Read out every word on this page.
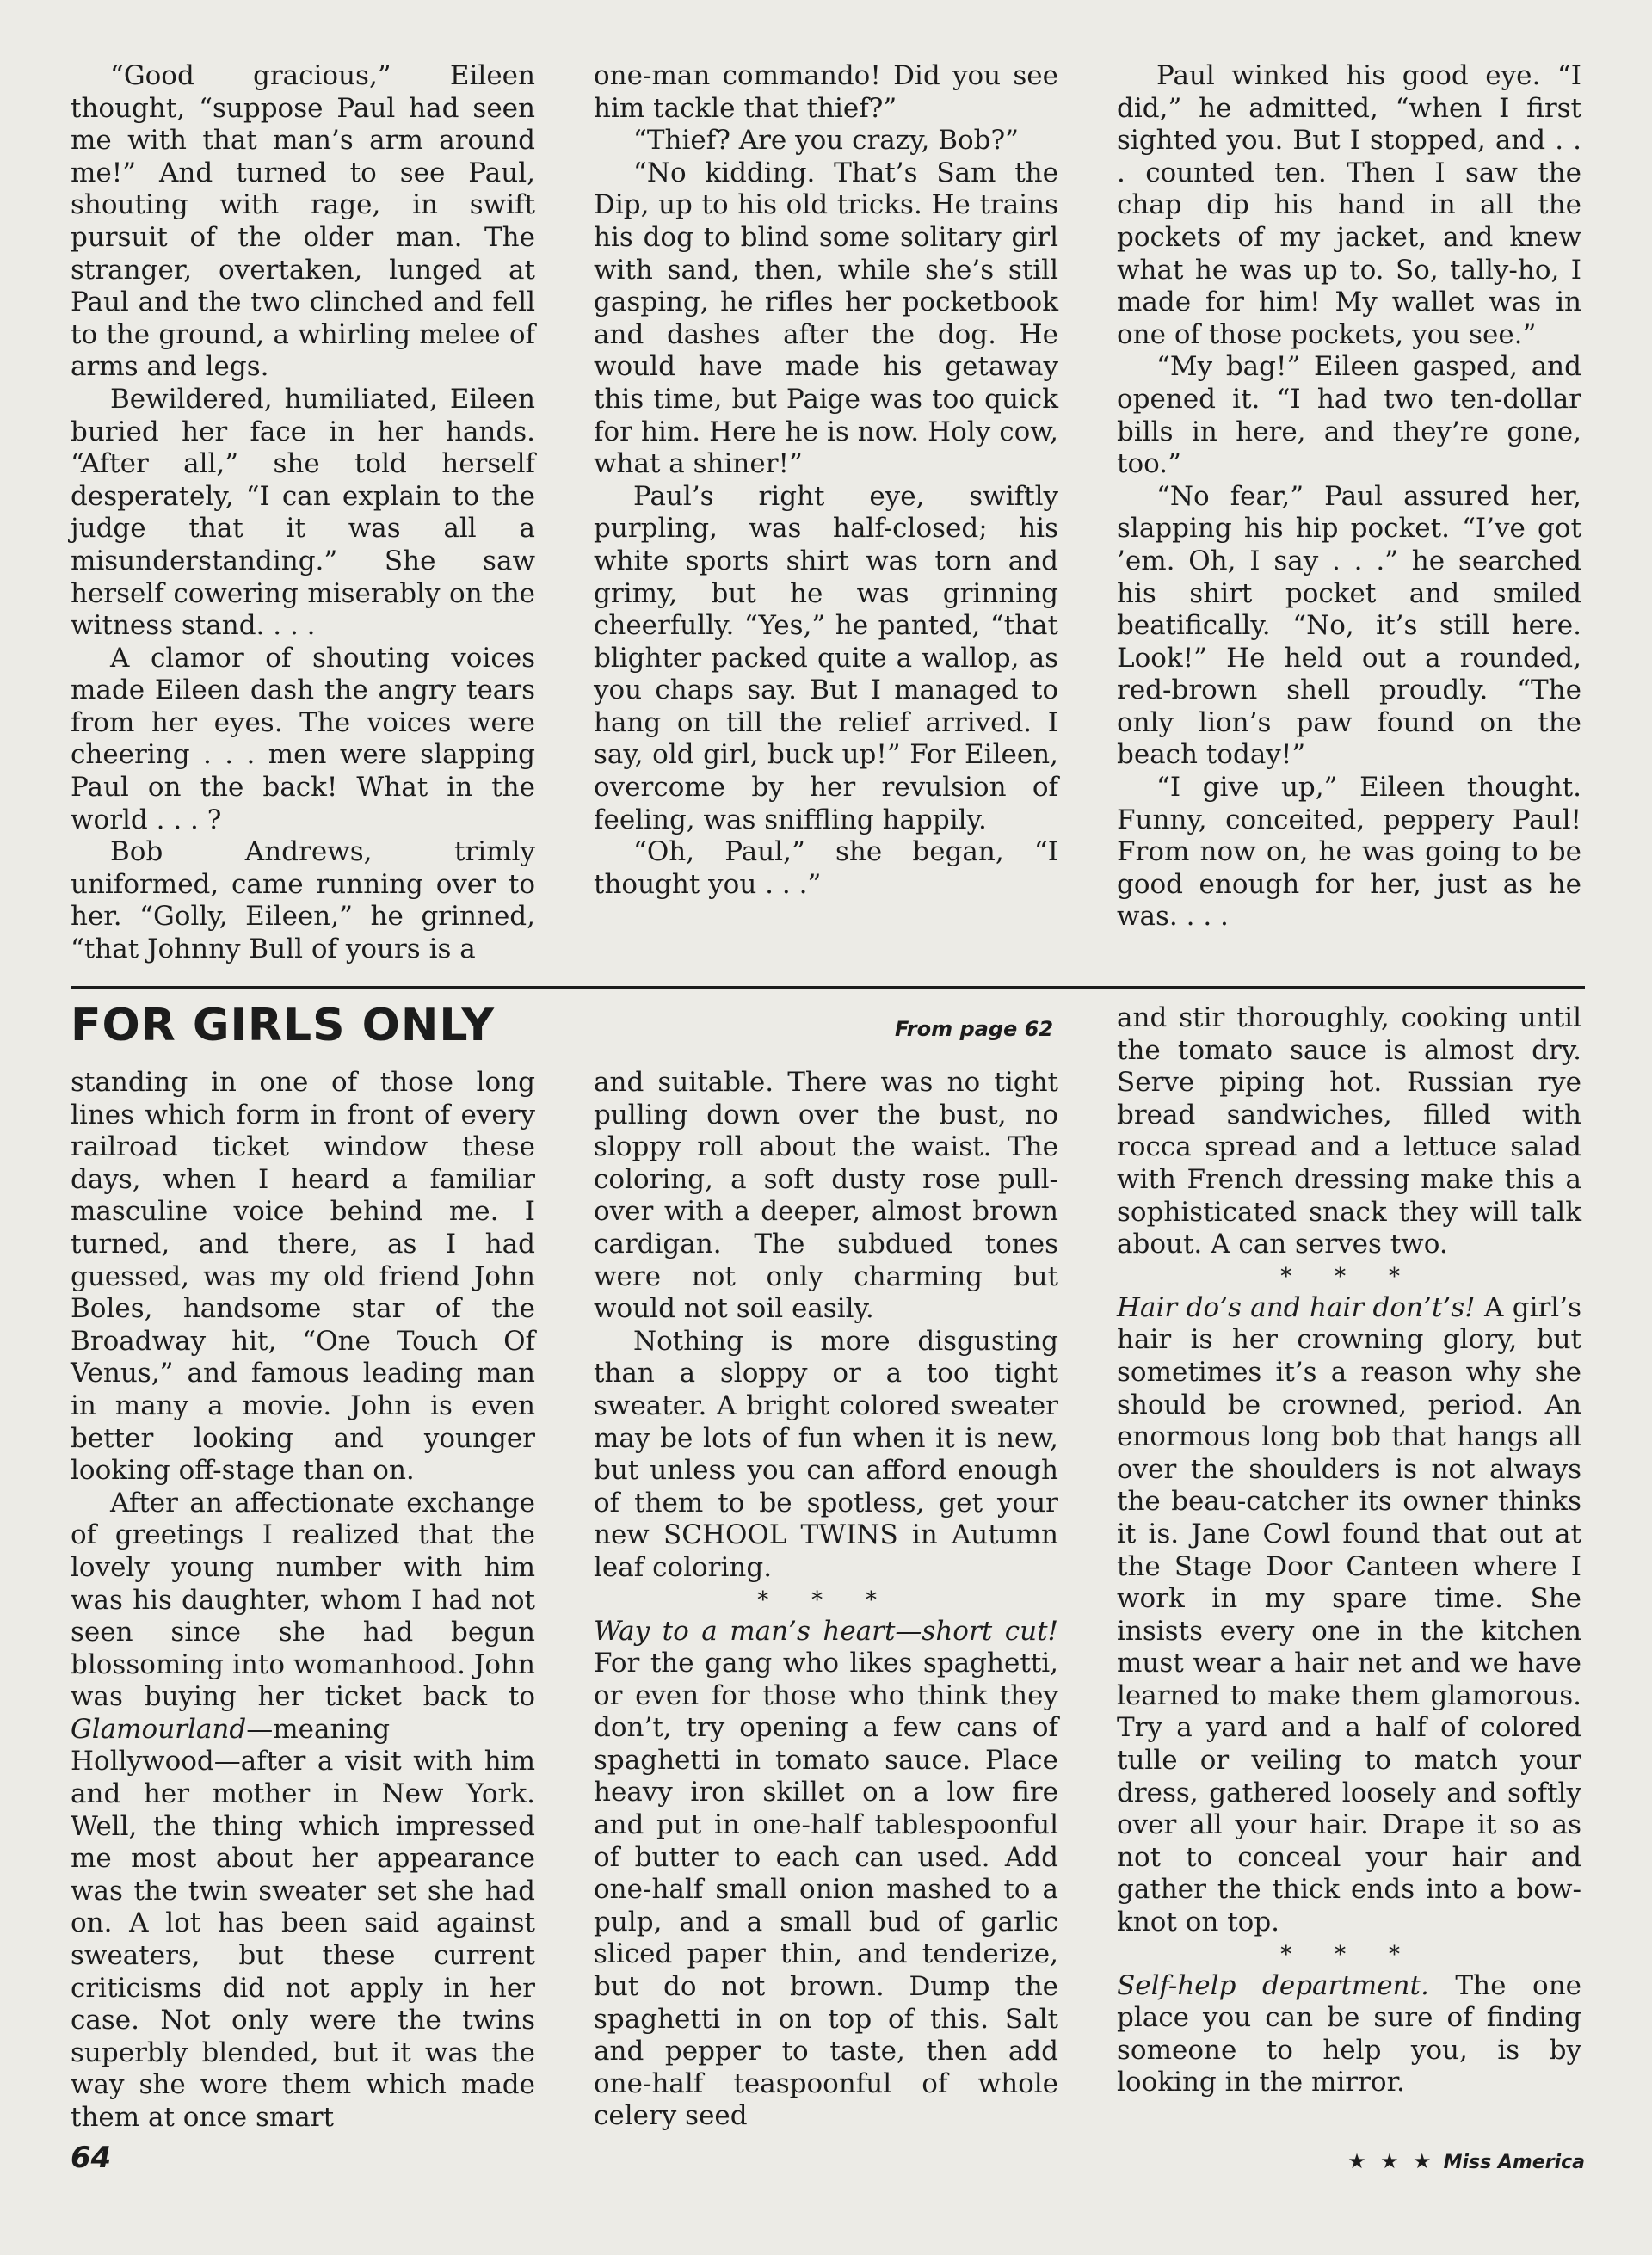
“Good gracious,” Eileen thought, “suppose Paul had seen me with that man’s arm around me!” And turned to see Paul, shouting with rage, in swift pursuit of the older man. The stranger, overtaken, lunged at Paul and the two clinched and fell to the ground, a whirling melee of arms and legs.

Bewildered, humiliated, Eileen buried her face in her hands. “After all,” she told herself desperately, “I can explain to the judge that it was all a misunderstanding.” She saw herself cowering miserably on the witness stand. . . .

A clamor of shouting voices made Eileen dash the angry tears from her eyes. The voices were cheering . . . men were slapping Paul on the back! What in the world . . . ?

Bob Andrews, trimly uniformed, came running over to her. “Golly, Eileen,” he grinned, “that Johnny Bull of yours is a

one-man commando! Did you see him tackle that thief?”

“Thief? Are you crazy, Bob?”

“No kidding. That’s Sam the Dip, up to his old tricks. He trains his dog to blind some solitary girl with sand, then, while she’s still gasping, he rifles her pocketbook and dashes after the dog. He would have made his getaway this time, but Paige was too quick for him. Here he is now. Holy cow, what a shiner!”

Paul’s right eye, swiftly purpling, was half-closed; his white sports shirt was torn and grimy, but he was grinning cheerfully. “Yes,” he panted, “that blighter packed quite a wallop, as you chaps say. But I managed to hang on till the relief arrived. I say, old girl, buck up!” For Eileen, overcome by her revulsion of feeling, was sniffling happily.

“Oh, Paul,” she began, “I thought you . . .”

Paul winked his good eye. “I did,” he admitted, “when I first sighted you. But I stopped, and . . . counted ten. Then I saw the chap dip his hand in all the pockets of my jacket, and knew what he was up to. So, tally-ho, I made for him! My wallet was in one of those pockets, you see.”

“My bag!” Eileen gasped, and opened it. “I had two ten-dollar bills in here, and they’re gone, too.”

“No fear,” Paul assured her, slapping his hip pocket. “I’ve got ’em. Oh, I say . . .” he searched his shirt pocket and smiled beatifically. “No, it’s still here. Look!” He held out a rounded, red-brown shell proudly. “The only lion’s paw found on the beach today!”

“I give up,” Eileen thought. Funny, conceited, peppery Paul! From now on, he was going to be good enough for her, just as he was. . . .

FOR GIRLS ONLY	From page 62

standing in one of those long lines which form in front of every railroad ticket window these days, when I heard a familiar masculine voice behind me. I turned, and there, as I had guessed, was my old friend John Boles, handsome star of the Broadway hit, “One Touch Of Venus,” and famous leading man in many a movie. John is even better looking and younger looking off-stage than on.

After an affectionate exchange of greetings I realized that the lovely young number with him was his daughter, whom I had not seen since she had begun blossoming into womanhood. John was buying her ticket back to Glamourland—meaning Hollywood—after a visit with him and her mother in New York. Well, the thing which impressed me most about her appearance was the twin sweater set she had on. A lot has been said against sweaters, but these current criticisms did not apply in her case. Not only were the twins superbly blended, but it was the way she wore them which made them at once smart

and suitable. There was no tight pulling down over the bust, no sloppy roll about the waist. The coloring, a soft dusty rose pull-over with a deeper, almost brown cardigan. The subdued tones were not only charming but would not soil easily.

Nothing is more disgusting than a sloppy or a too tight sweater. A bright colored sweater may be lots of fun when it is new, but unless you can afford enough of them to be spotless, get your new SCHOOL TWINS in Autumn leaf coloring.

* * *

Way to a man’s heart—short cut! For the gang who likes spaghetti, or even for those who think they don’t, try opening a few cans of spaghetti in tomato sauce. Place heavy iron skillet on a low fire and put in one-half tablespoonful of butter to each can used. Add one-half small onion mashed to a pulp, and a small bud of garlic sliced paper thin, and tenderize, but do not brown. Dump the spaghetti in on top of this. Salt and pepper to taste, then add one-half teaspoonful of whole celery seed

and stir thoroughly, cooking until the tomato sauce is almost dry. Serve piping hot. Russian rye bread sandwiches, filled with rocca spread and a lettuce salad with French dressing make this a sophisticated snack they will talk about. A can serves two.

* * *

Hair do’s and hair don’t’s! A girl’s hair is her crowning glory, but sometimes it’s a reason why she should be crowned, period. An enormous long bob that hangs all over the shoulders is not always the beau-catcher its owner thinks it is. Jane Cowl found that out at the Stage Door Canteen where I work in my spare time. She insists every one in the kitchen must wear a hair net and we have learned to make them glamorous. Try a yard and a half of colored tulle or veiling to match your dress, gathered loosely and softly over all your hair. Drape it so as not to conceal your hair and gather the thick ends into a bow-knot on top.

* * *

Self-help department. The one place you can be sure of finding someone to help you, is by looking in the mirror.

64	★ ★ ★ Miss America
